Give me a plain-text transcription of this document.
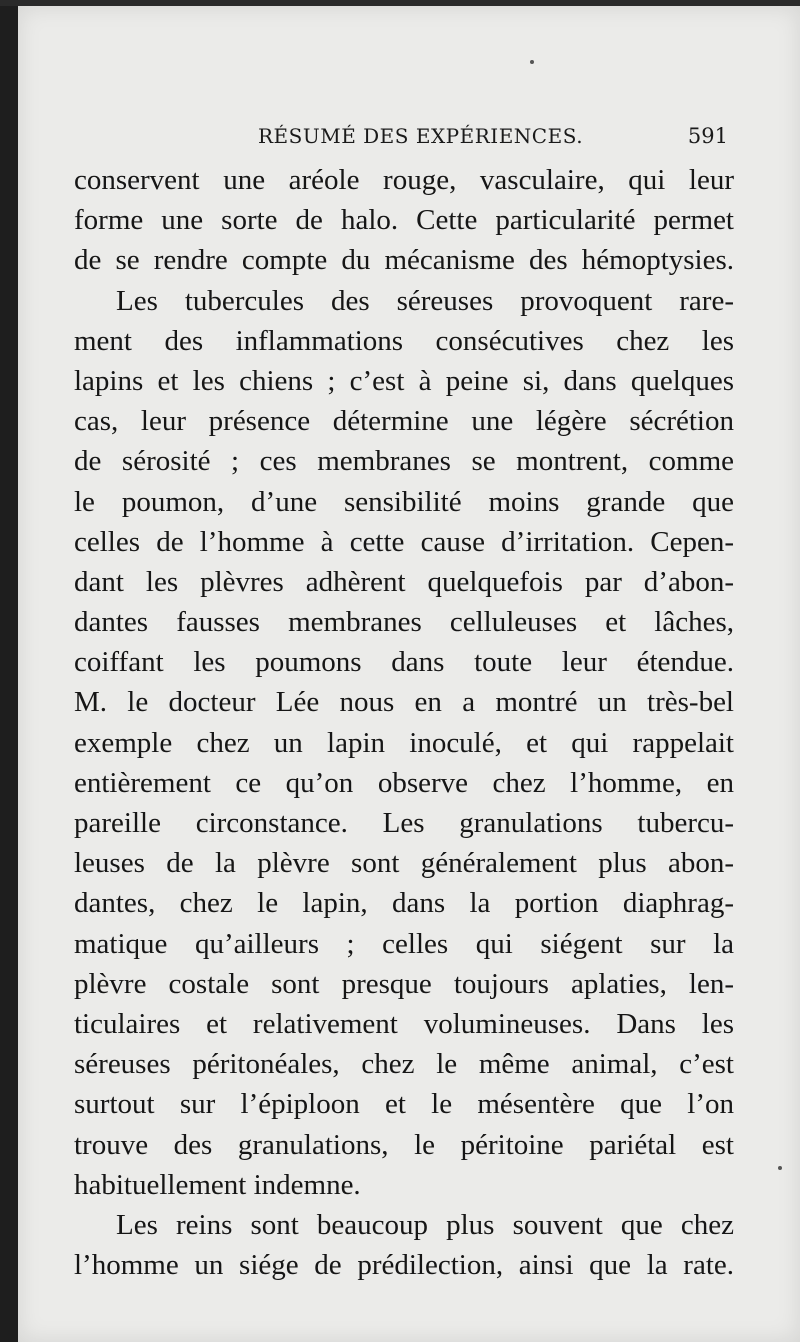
RÉSUMÉ DES EXPÉRIENCES.	591
conservent une aréole rouge, vasculaire, qui leur
forme une sorte de halo. Cette particularité permet
de se rendre compte du mécanisme des hémoptysies.
Les tubercules des séreuses provoquent rare-
ment des inflammations consécutives chez les
lapins et les chiens ; c’est à peine si, dans quelques
cas, leur présence détermine une légère sécrétion
de sérosité ; ces membranes se montrent, comme
le poumon, d’une sensibilité moins grande que
celles de l’homme à cette cause d’irritation. Cepen-
dant les plèvres adhèrent quelquefois par d’abon-
dantes fausses membranes celluleuses et lâches,
coiffant les poumons dans toute leur étendue.
M. le docteur Lée nous en a montré un très-bel
exemple chez un lapin inoculé, et qui rappelait
entièrement ce qu’on observe chez l’homme, en
pareille circonstance. Les granulations tubercu-
leuses de la plèvre sont généralement plus abon-
dantes, chez le lapin, dans la portion diaphrag-
matique qu’ailleurs ; celles qui siégent sur la
plèvre costale sont presque toujours aplaties, len-
ticulaires et relativement volumineuses. Dans les
séreuses péritonéales, chez le même animal, c’est
surtout sur l’épiploon et le mésentère que l’on
trouve des granulations, le péritoine pariétal est
habituellement indemne.
Les reins sont beaucoup plus souvent que chez
l’homme un siége de prédilection, ainsi que la rate.
